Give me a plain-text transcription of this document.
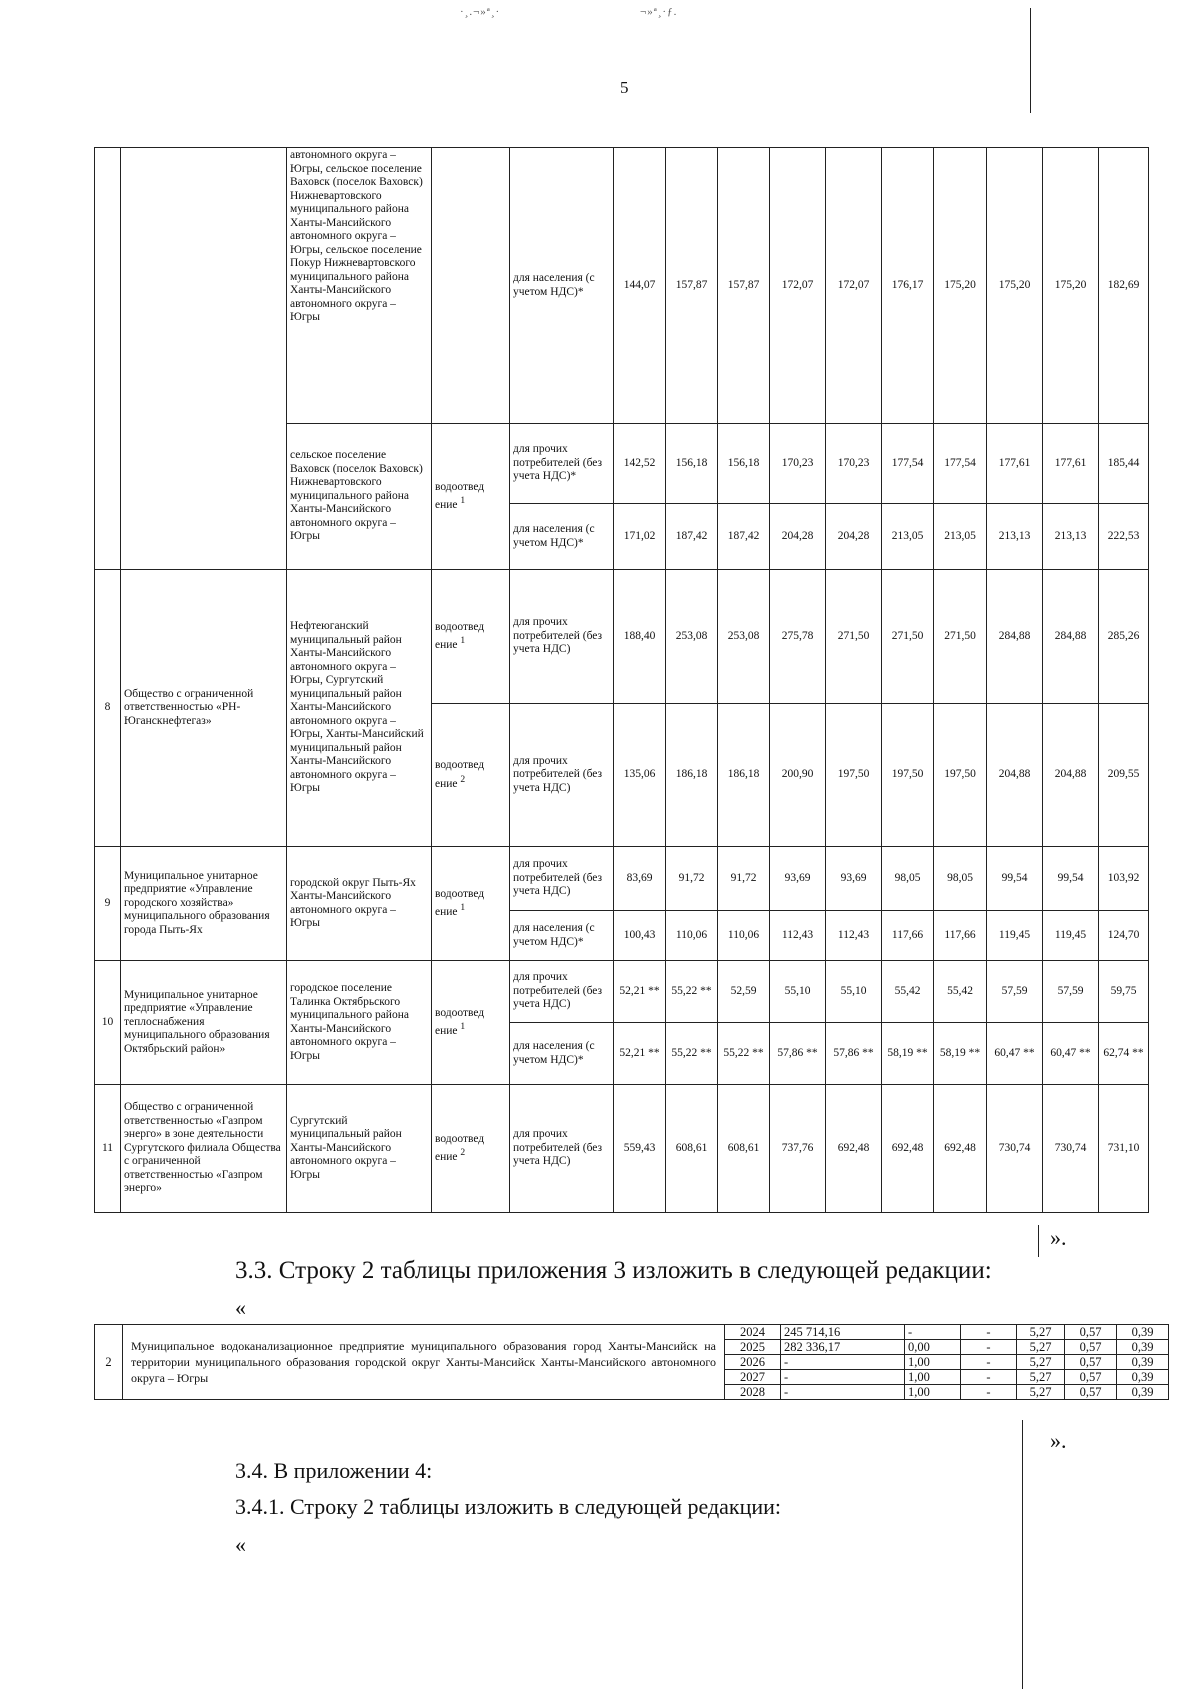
·¸.¬»ª¸·	¬»ª¸·ƒ.
5
		автономного округа – Югры, сельское поселение Ваховск (поселок Ваховск) Нижневартовского муниципального района Ханты-Мансийского автономного округа – Югры, сельское поселение Покур Нижневартовского муниципального района Ханты-Мансийского автономного округа – Югры		для населения (с учетом НДС)*	144,07	157,87	157,87	172,07	172,07	176,17	175,20	175,20	175,20	182,69
		сельское поселение Ваховск (поселок Ваховск) Нижневартовского муниципального района Ханты-Мансийского автономного округа – Югры	водоотвед ение $^1$	для прочих потребителей (без учета НДС)*	142,52	156,18	156,18	170,23	170,23	177,54	177,54	177,61	177,61	185,44
				для населения (с учетом НДС)*	171,02	187,42	187,42	204,28	204,28	213,05	213,05	213,13	213,13	222,53
8	Общество с ограниченной ответственностью «РН-Юганскнефтегаз»	Нефтеюганский муниципальный район Ханты-Мансийского автономного округа – Югры, Сургутский муниципальный район Ханты-Мансийского автономного округа – Югры, Ханты-Мансийский муниципальный район Ханты-Мансийского автономного округа – Югры	водоотвед ение $^1$	для прочих потребителей (без учета НДС)	188,40	253,08	253,08	275,78	271,50	271,50	271,50	284,88	284,88	285,26
			водоотвед ение $^2$	для прочих потребителей (без учета НДС)	135,06	186,18	186,18	200,90	197,50	197,50	197,50	204,88	204,88	209,55
9	Муниципальное унитарное предприятие «Управление городского хозяйства» муниципального образования города Пыть-Ях	городской округ Пыть-Ях Ханты-Мансийского автономного округа – Югры	водоотвед ение $^1$	для прочих потребителей (без учета НДС)	83,69	91,72	91,72	93,69	93,69	98,05	98,05	99,54	99,54	103,92
				для населения (с учетом НДС)*	100,43	110,06	110,06	112,43	112,43	117,66	117,66	119,45	119,45	124,70
10	Муниципальное унитарное предприятие «Управление теплоснабжения муниципального образования Октябрьский район»	городское поселение Талинка Октябрьского муниципального района Ханты-Мансийского автономного округа – Югры	водоотвед ение $^1$	для прочих потребителей (без учета НДС)	52,21 **	55,22 **	52,59	55,10	55,10	55,42	55,42	57,59	57,59	59,75
				для населения (с учетом НДС)*	52,21 **	55,22 **	55,22 **	57,86 **	57,86 **	58,19 **	58,19 **	60,47 **	60,47 **	62,74 **
11	Общество с ограниченной ответственностью «Газпром энерго» в зоне деятельности Сургутского филиала Общества с ограниченной ответственностью «Газпром энерго»	Сургутский муниципальный район Ханты-Мансийского автономного округа – Югры	водоотвед ение $^2$	для прочих потребителей (без учета НДС)	559,43	608,61	608,61	737,76	692,48	692,48	692,48	730,74	730,74	731,10
».
3.3. Строку 2 таблицы приложения 3 изложить в следующей редакции:
«
2	Муниципальное водоканализационное предприятие муниципального образования город Ханты-Мансийск на территории муниципального образования городской округ Ханты-Мансийск Ханты-Мансийского автономного округа – Югры	2024	245 714,16	-	-	5,27	0,57	0,39
		2025	282 336,17	0,00	-	5,27	0,57	0,39
		2026	-	1,00	-	5,27	0,57	0,39
		2027	-	1,00	-	5,27	0,57	0,39
		2028	-	1,00	-	5,27	0,57	0,39
».
3.4. В приложении 4:
3.4.1. Строку 2 таблицы изложить в следующей редакции:
«
